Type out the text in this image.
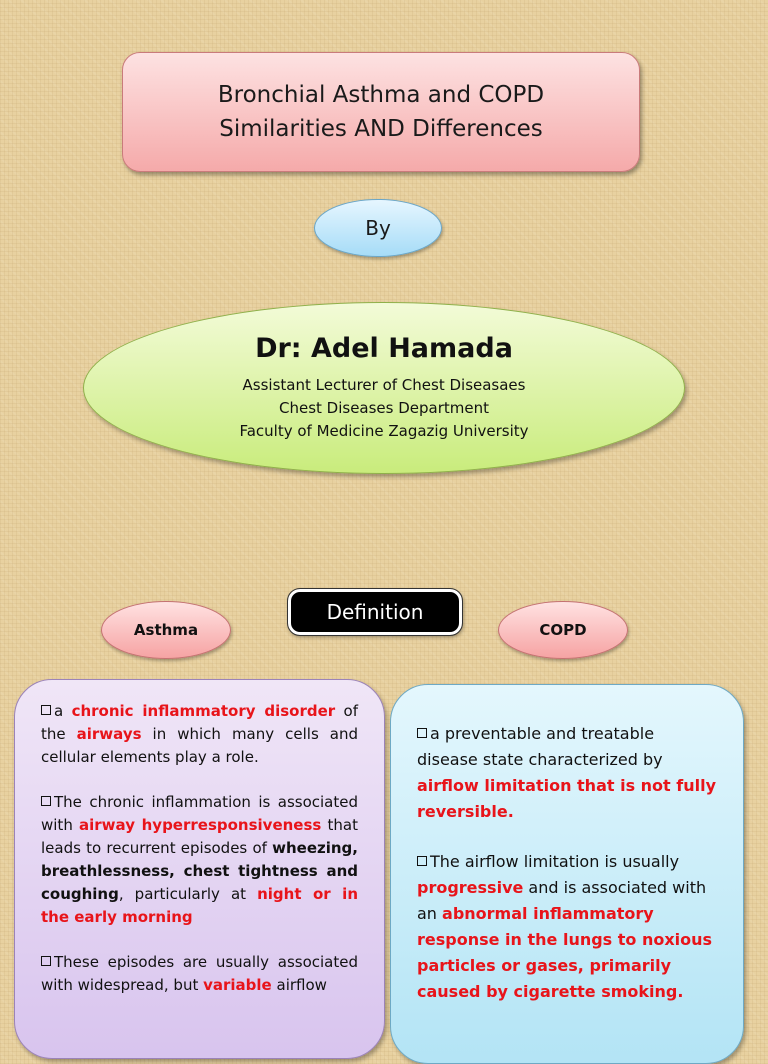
Bronchial Asthma and COPD
Similarities AND Differences
By
Dr: Adel Hamada
Assistant Lecturer of Chest Diseasaes
Chest Diseases Department
Faculty of Medicine Zagazig University
Asthma
Definition
COPD

a chronic inflammatory disorder of the airways in which many cells and cellular elements play a role.

The chronic inflammation is associated with airway hyperresponsiveness that leads to recurrent episodes of wheezing, breathlessness, chest tightness and coughing, particularly at night or in the early morning

These episodes are usually associated with widespread, but variable airflow

a preventable and treatable disease state characterized by airflow limitation that is not fully reversible.

The airflow limitation is usually progressive and is associated with an abnormal inflammatory response in the lungs to noxious particles or gases, primarily caused by cigarette smoking.
